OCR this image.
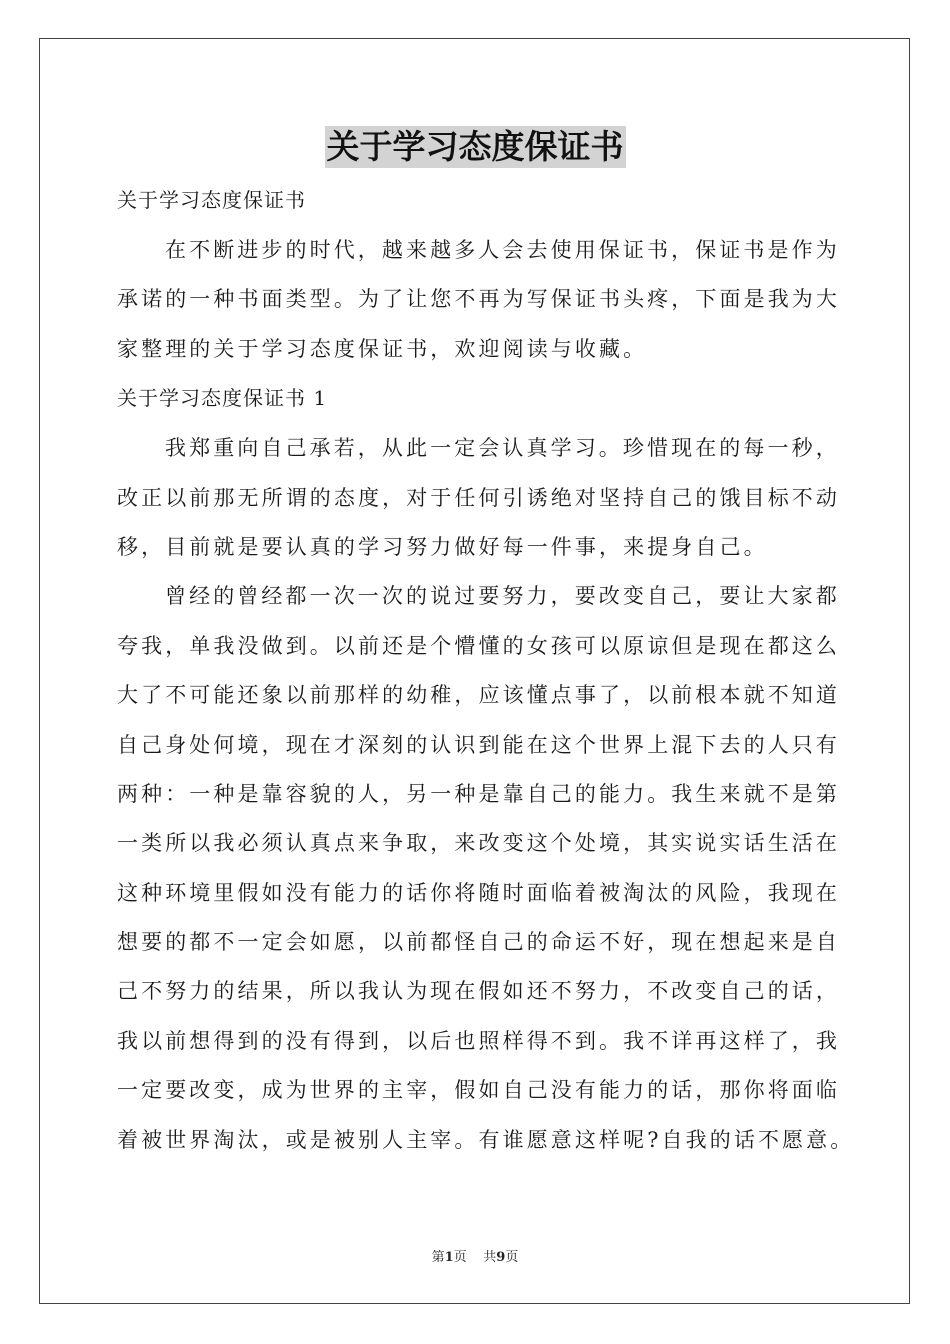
关于学习态度保证书
关于学习态度保证书
在不断进步的时代，越来越多人会去使用保证书，保证书是作为
承诺的一种书面类型。为了让您不再为写保证书头疼，下面是我为大
家整理的关于学习态度保证书，欢迎阅读与收藏。
关于学习态度保证书 1
我郑重向自己承若，从此一定会认真学习。珍惜现在的每一秒，
改正以前那无所谓的态度，对于任何引诱绝对坚持自己的饿目标不动
移，目前就是要认真的学习努力做好每一件事，来提身自己。
曾经的曾经都一次一次的说过要努力，要改变自己，要让大家都
夸我，单我没做到。以前还是个懵懂的女孩可以原谅但是现在都这么
大了不可能还象以前那样的幼稚，应该懂点事了，以前根本就不知道
自己身处何境，现在才深刻的认识到能在这个世界上混下去的人只有
两种：一种是靠容貌的人，另一种是靠自己的能力。我生来就不是第
一类所以我必须认真点来争取，来改变这个处境，其实说实话生活在
这种环境里假如没有能力的话你将随时面临着被淘汰的风险，我现在
想要的都不一定会如愿，以前都怪自己的命运不好，现在想起来是自
己不努力的结果，所以我认为现在假如还不努力，不改变自己的话，
我以前想得到的没有得到，以后也照样得不到。我不详再这样了，我
一定要改变，成为世界的主宰，假如自己没有能力的话，那你将面临
着被世界淘汰，或是被别人主宰。有谁愿意这样呢?自我的话不愿意。
第1页 共9页
